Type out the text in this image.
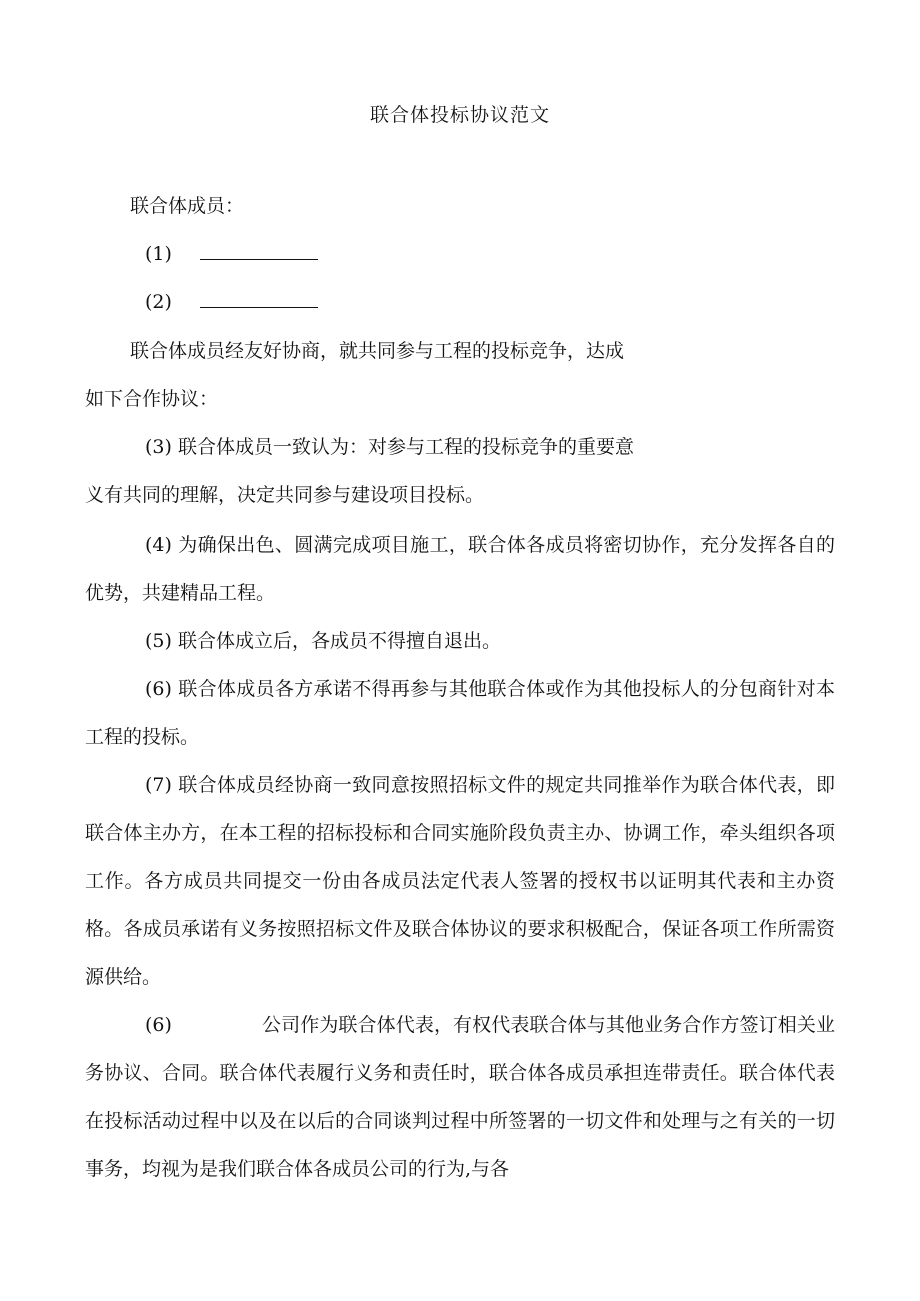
联合体投标协议范文
联合体成员：
(1)
(2)
联合体成员经友好协商，就共同参与工程的投标竞争，达成
如下合作协议：
(3) 联合体成员一致认为：对参与工程的投标竞争的重要意
义有共同的理解，决定共同参与建设项目投标。
(4) 为确保出色、圆满完成项目施工，联合体各成员将密切协作，充分发挥各自的优势，共建精品工程。
(5) 联合体成立后，各成员不得擅自退出。
(6) 联合体成员各方承诺不得再参与其他联合体或作为其他投标人的分包商针对本工程的投标。
(7) 联合体成员经协商一致同意按照招标文件的规定共同推举作为联合体代表，即联合体主办方，在本工程的招标投标和合同实施阶段负责主办、协调工作，牵头组织各项工作。各方成员共同提交一份由各成员法定代表人签署的授权书以证明其代表和主办资格。各成员承诺有义务按照招标文件及联合体协议的要求积极配合，保证各项工作所需资源供给。
(6)	公司作为联合体代表，有权代表联合体与其他业务合作方签订相关业务协议、合同。联合体代表履行义务和责任时，联合体各成员承担连带责任。联合体代表在投标活动过程中以及在以后的合同谈判过程中所签署的一切文件和处理与之有关的一切事务，均视为是我们联合体各成员公司的行为,与各
